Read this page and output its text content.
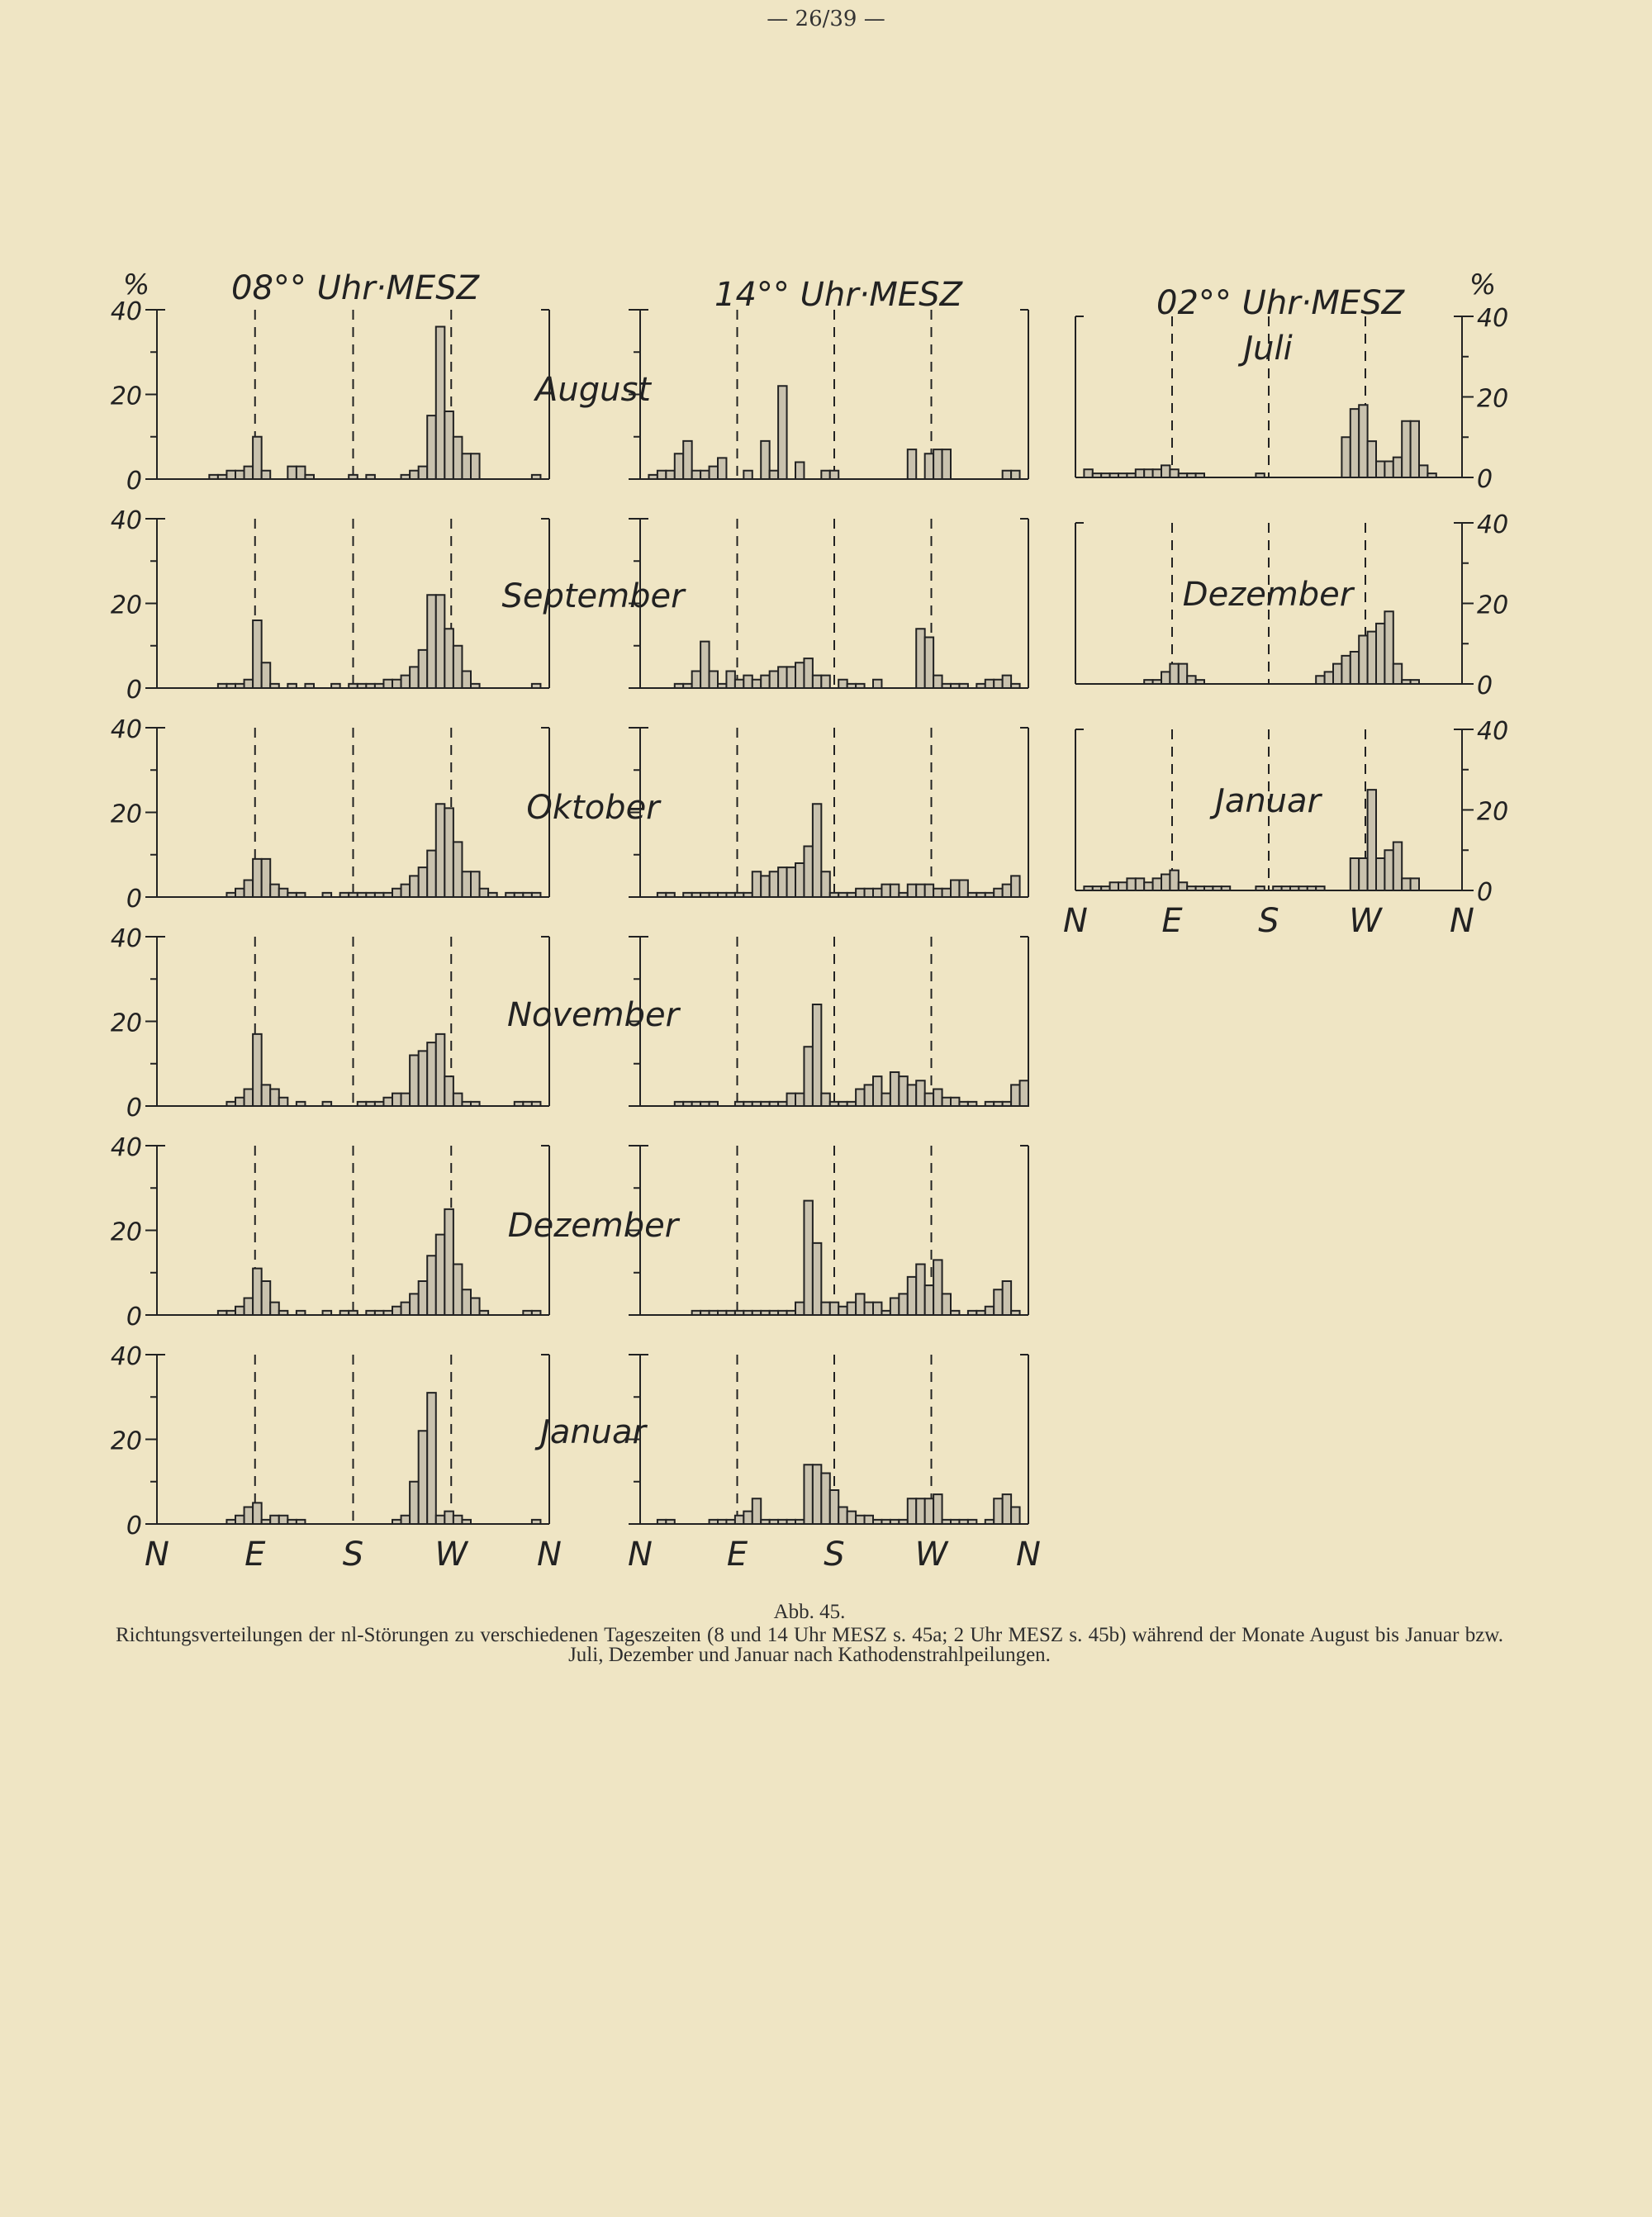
— 26/39 —
08°° Uhr·MESZ
%
0
20
40
August
0
20
40
September
0
20
40
Oktober
0
20
40
November
0
20
40
Dezember
0
20
40
Januar
N E S W N
14°° Uhr·MESZ
N E S W N
02°° Uhr·MESZ %
0
20
40
Juli
0
20
40
Dezember
0
20
40
Januar
N E S W N
Abb. 45.
Richtungsverteilungen der nl-Störungen zu verschiedenen Tageszeiten (8 und 14 Uhr MESZ s. 45a; 2 Uhr MESZ s. 45b) während der Monate August bis Januar bzw. Juli, Dezember und Januar nach Kathodenstrahlpeilungen.
